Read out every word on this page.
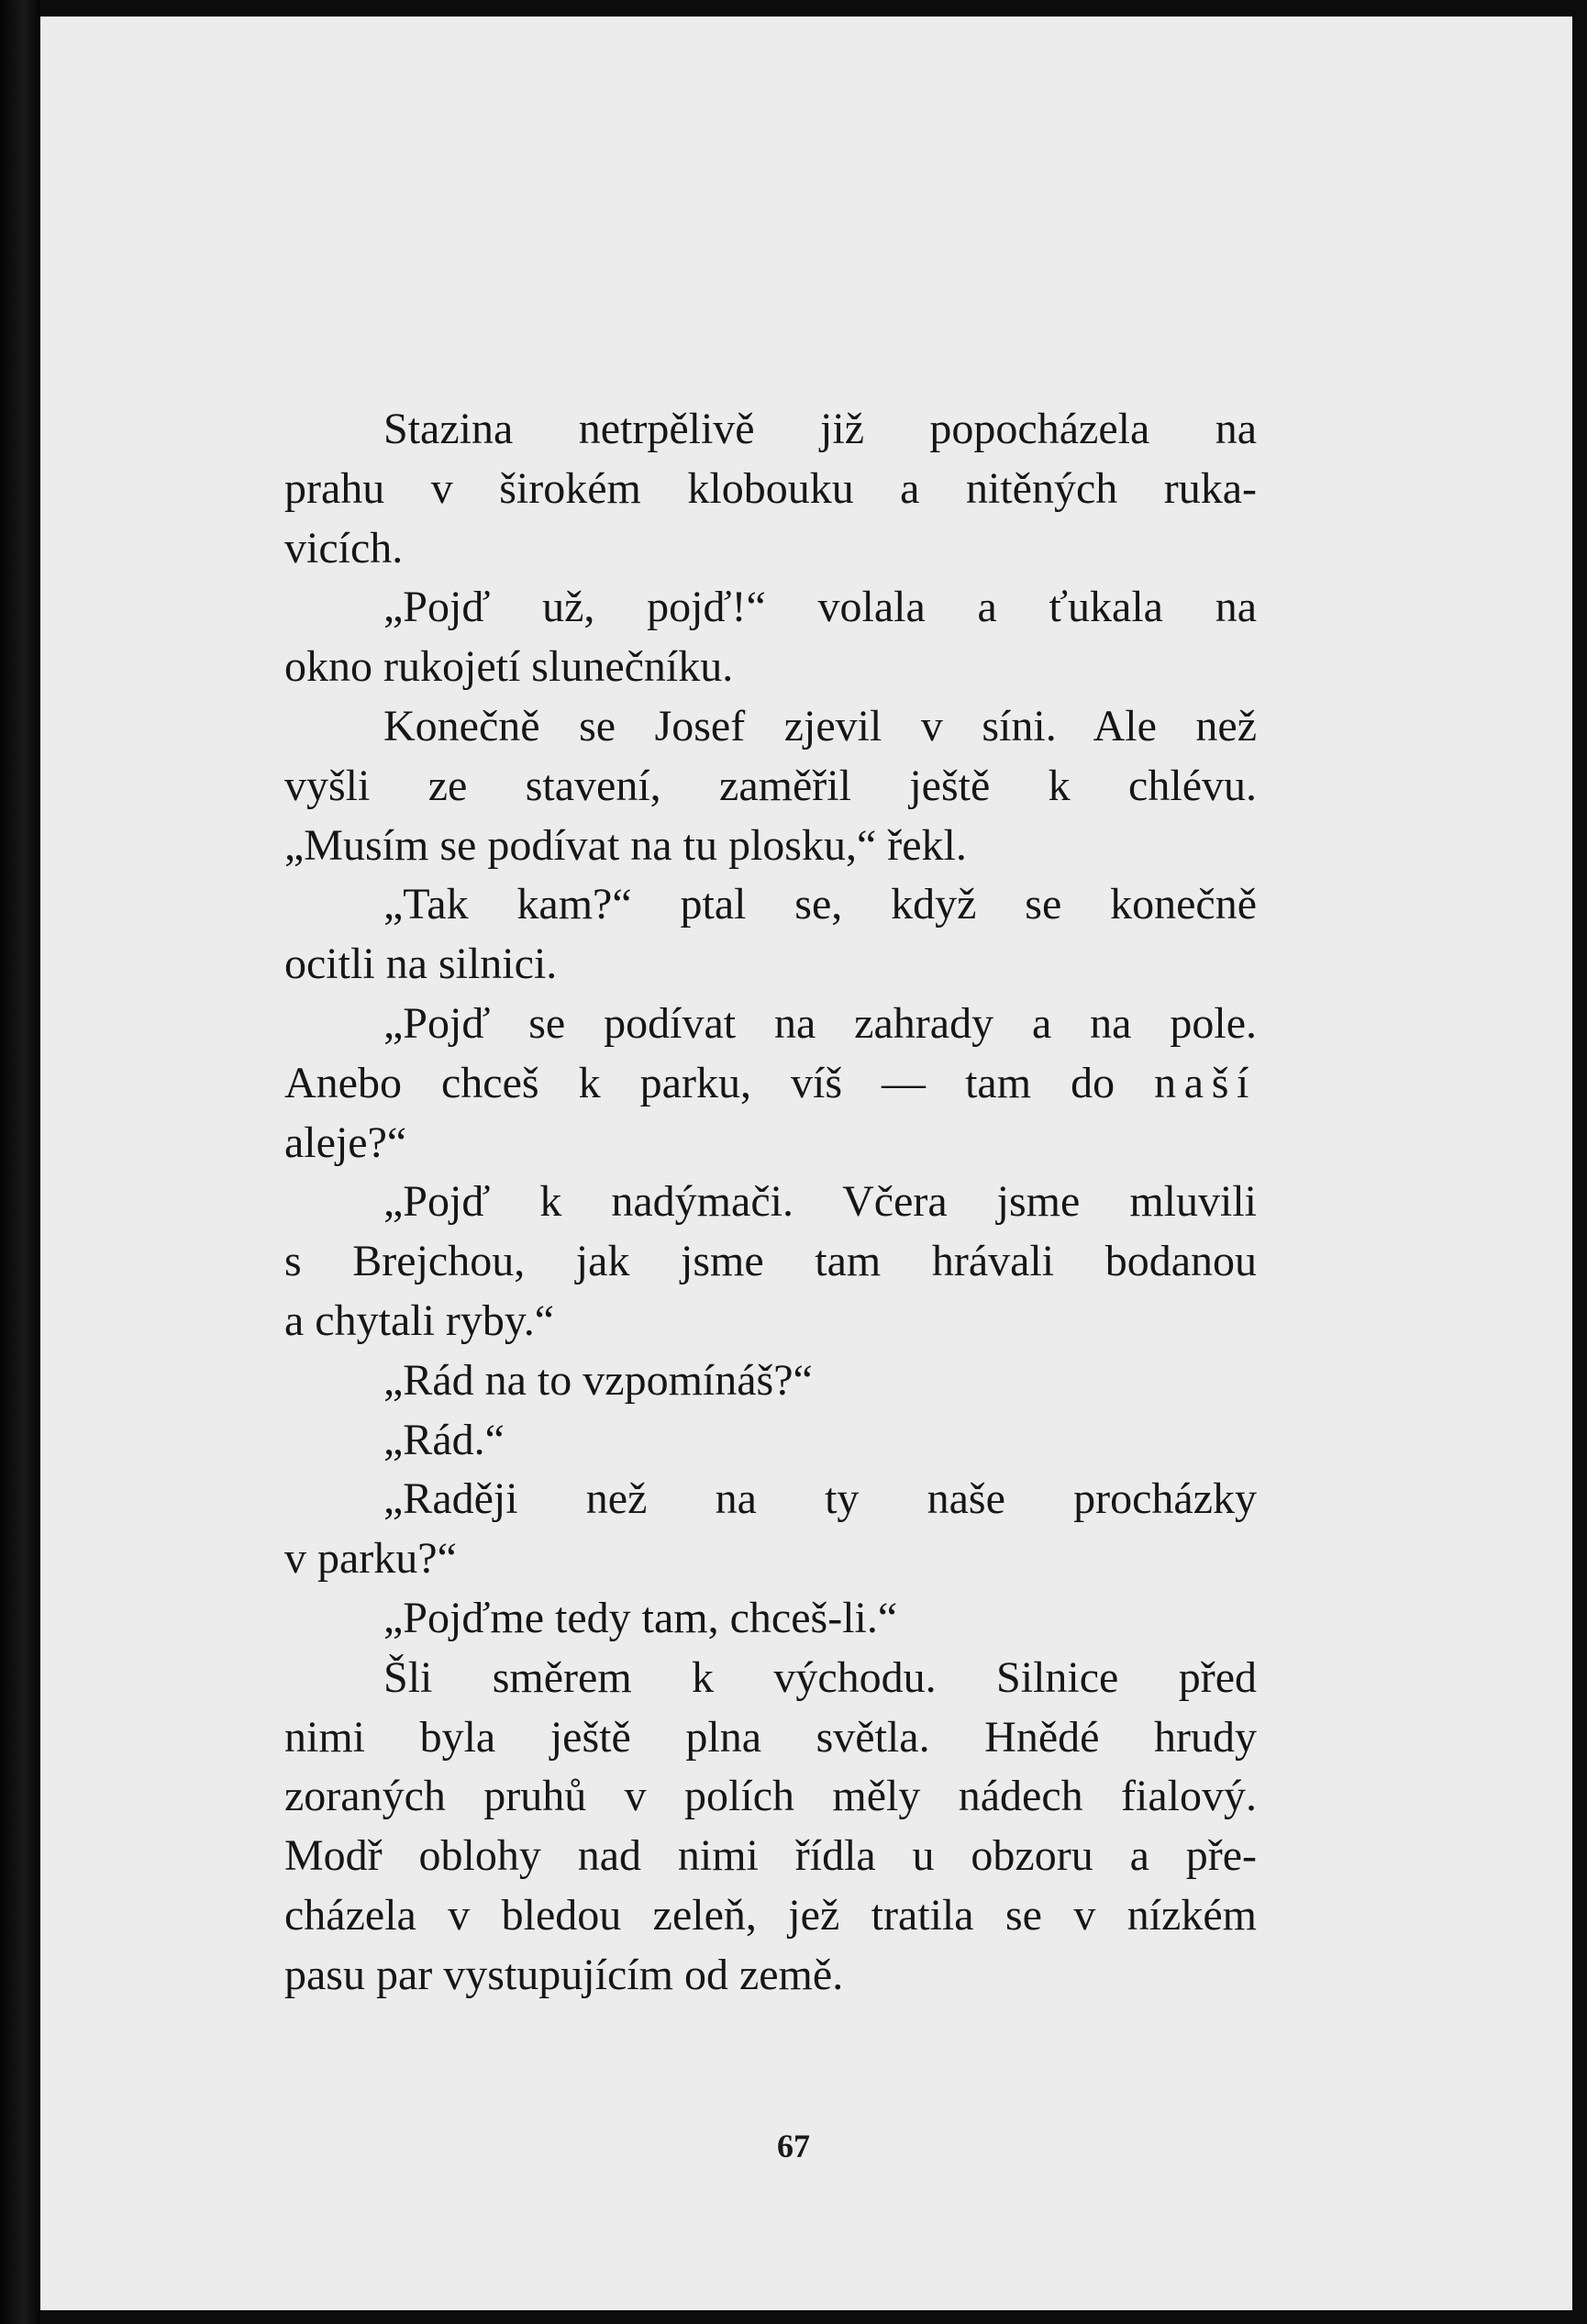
Stazina netrpělivě již popocházela na
prahu v širokém klobouku a nitěných ruka-
vicích.
„Pojď už, pojď!“ volala a ťukala na
okno rukojetí slunečníku.
Konečně se Josef zjevil v síni. Ale než
vyšli ze stavení, zaměřil ještě k chlévu.
„Musím se podívat na tu plosku,“ řekl.
„Tak kam?“ ptal se, když se konečně
ocitli na silnici.
„Pojď se podívat na zahrady a na pole.
Anebo chceš k parku, víš — tam do naší
aleje?“
„Pojď k nadýmači. Včera jsme mluvili
s Brejchou, jak jsme tam hrávali bodanou
a chytali ryby.“
„Rád na to vzpomínáš?“
„Rád.“
„Raději než na ty naše procházky
v parku?“
„Pojďme tedy tam, chceš-li.“
Šli směrem k východu. Silnice před
nimi byla ještě plna světla. Hnědé hrudy
zoraných pruhů v polích měly nádech fialový.
Modř oblohy nad nimi řídla u obzoru a pře-
cházela v bledou zeleň, jež tratila se v nízkém
pasu par vystupujícím od země.
67
